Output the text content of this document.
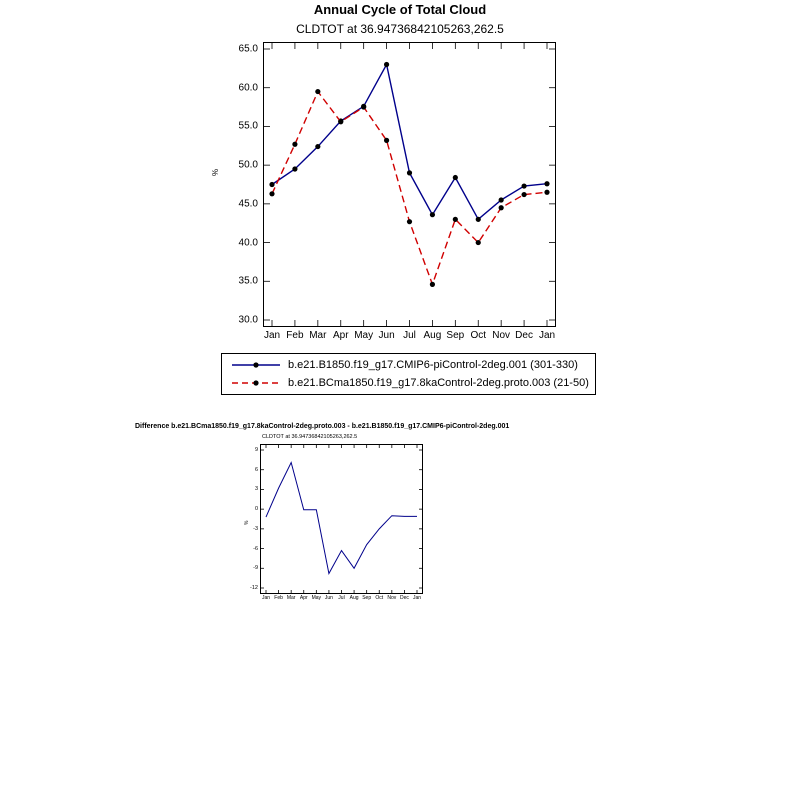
Annual Cycle of Total Cloud
CLDTOT at 36.94736842105263,262.5
%
30.0
35.0
40.0
45.0
50.0
55.0
60.0
65.0
Jan Feb Mar Apr May Jun Jul Aug Sep Oct Nov Dec Jan
b.e21.B1850.f19_g17.CMIP6-piControl-2deg.001 (301-330)
b.e21.BCma1850.f19_g17.8kaControl-2deg.proto.003 (21-50)
Difference b.e21.BCma1850.f19_g17.8kaControl-2deg.proto.003 - b.e21.B1850.f19_g17.CMIP6-piControl-2deg.001
CLDTOT at 36.94736842105263,262.5
%
-12
-9
-6
-3
0
3
6
9
Jan Feb Mar Apr May Jun	Jul Aug Sep Oct Nov Dec Jan
